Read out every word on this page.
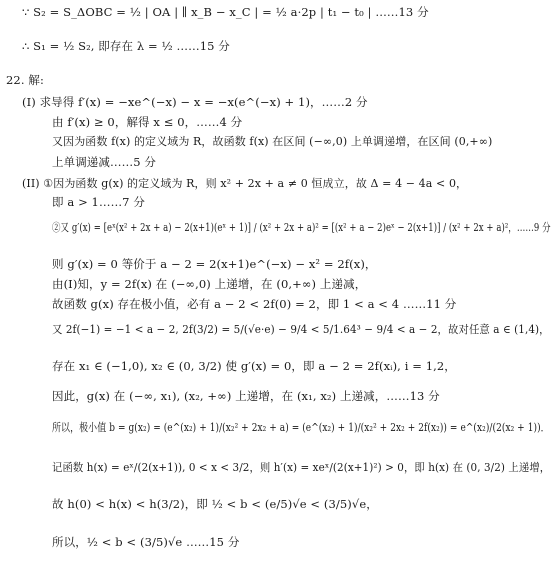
∵ S₂ = S_ΔOBC = ½ | OA | ∥ x_B − x_C | = ½ a·2p | t₁ − t₀ | ……13 分
∴ S₁ = ½ S₂, 即存在 λ = ½ ……15 分
22. 解:
(I) 求导得 f′(x) = −xe^(−x) − x = −x(e^(−x) + 1)，……2 分
由 f′(x) ≥ 0，解得 x ≤ 0，……4 分
又因为函数 f(x) 的定义域为 R，故函数 f(x) 在区间 (−∞,0) 上单调递增，在区间 (0,+∞)
上单调递减……5 分
(II) ①因为函数 g(x) 的定义域为 R，则 x² + 2x + a ≠ 0 恒成立，故 Δ = 4 − 4a < 0，
即 a > 1……7 分
②又 g′(x) = [eˣ(x² + 2x + a) − 2(x+1)(eˣ + 1)] / (x² + 2x + a)² = [(x² + a − 2)eˣ − 2(x+1)] / (x² + 2x + a)²，……9 分
则 g′(x) = 0 等价于 a − 2 = 2(x+1)e^(−x) − x² = 2f(x)，
由(I)知，y = 2f(x) 在 (−∞,0) 上递增，在 (0,+∞) 上递减，
故函数 g(x) 存在极小值，必有 a − 2 < 2f(0) = 2，即 1 < a < 4 ……11 分
又 2f(−1) = −1 < a − 2, 2f(3/2) = 5/(√e·e) − 9/4 < 5/1.64³ − 9/4 < a − 2，故对任意 a ∈ (1,4)，
存在 x₁ ∈ (−1,0), x₂ ∈ (0, 3/2) 使 g′(x) = 0，即 a − 2 = 2f(xᵢ), i = 1,2，
因此，g(x) 在 (−∞, x₁), (x₂, +∞) 上递增，在 (x₁, x₂) 上递减，……13 分
所以，极小值 b = g(x₂) = (e^(x₂) + 1)/(x₂² + 2x₂ + a) = (e^(x₂) + 1)/(x₂² + 2x₂ + 2f(x₂)) = e^(x₂)/(2(x₂ + 1))．
记函数 h(x) = eˣ/(2(x+1)), 0 < x < 3/2，则 h′(x) = xeˣ/(2(x+1)²) > 0，即 h(x) 在 (0, 3/2) 上递增，
故 h(0) < h(x) < h(3/2)，即 ½ < b < (e/5)√e < (3/5)√e，
所以，½ < b < (3/5)√e ……15 分
